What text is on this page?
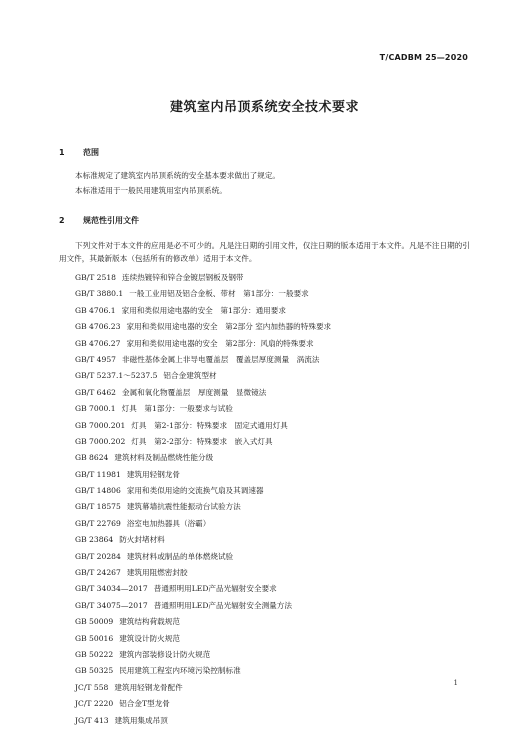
T/CADBM 25—2020
建筑室内吊顶系统安全技术要求
1 范围
本标准规定了建筑室内吊顶系统的安全基本要求做出了规定。
本标准适用于一般民用建筑用室内吊顶系统。
2 规范性引用文件
下列文件对于本文件的应用是必不可少的。凡是注日期的引用文件，仅注日期的版本适用于本文件。凡是不注日期的引用文件，其最新版本（包括所有的修改单）适用于本文件。
GB/T 2518 连续热镀锌和锌合金镀层钢板及钢带
GB/T 3880.1 一般工业用铝及铝合金板、带材　第1部分：一般要求
GB 4706.1 家用和类似用途电器的安全　第1部分：通用要求
GB 4706.23 家用和类似用途电器的安全　第2部分 室内加热器的特殊要求
GB 4706.27 家用和类似用途电器的安全　第2部分：风扇的特殊要求
GB/T 4957 非磁性基体金属上非导电覆盖层　覆盖层厚度测量　涡流法
GB/T 5237.1～5237.5 铝合金建筑型材
GB/T 6462 金属和氧化物覆盖层　厚度测量　显微镜法
GB 7000.1 灯具　第1部分：一般要求与试验
GB 7000.201 灯具　第2-1部分：特殊要求　固定式通用灯具
GB 7000.202 灯具　第2-2部分：特殊要求　嵌入式灯具
GB 8624 建筑材料及制品燃烧性能分级
GB/T 11981 建筑用轻钢龙骨
GB/T 14806 家用和类似用途的交流换气扇及其调速器
GB/T 18575 建筑幕墙抗震性能振动台试验方法
GB/T 22769 浴室电加热器具（浴霸）
GB 23864 防火封堵材料
GB/T 20284 建筑材料或制品的单体燃烧试验
GB/T 24267 建筑用阻燃密封胶
GB/T 34034—2017 普通照明用LED产品光辐射安全要求
GB/T 34075—2017 普通照明用LED产品光辐射安全测量方法
GB 50009 建筑结构荷载规范
GB 50016 建筑设计防火规范
GB 50222 建筑内部装修设计防火规范
GB 50325 民用建筑工程室内环境污染控制标准
JC/T 558 建筑用轻钢龙骨配件
JC/T 2220 铝合金T型龙骨
JG/T 413 建筑用集成吊顶
1
